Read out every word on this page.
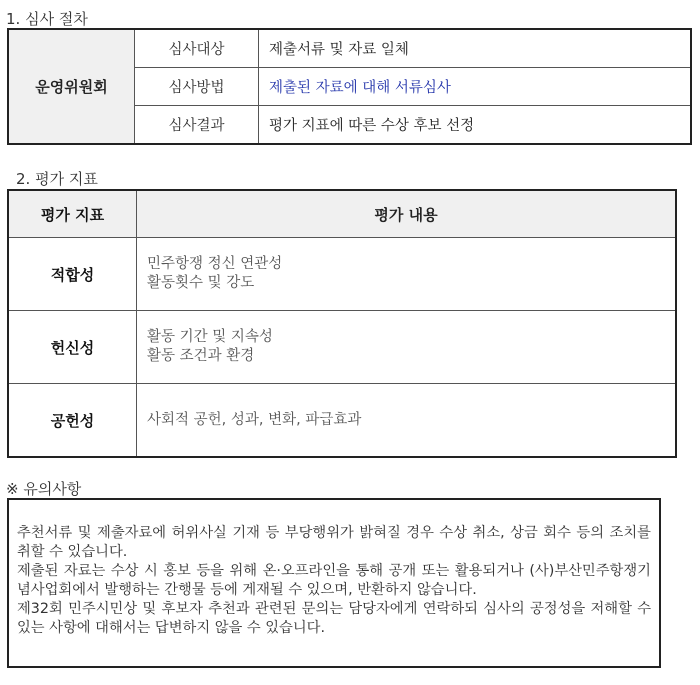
1. 심사 절차
운영위원회	심사대상	제출서류 및 자료 일체
	심사방법	제출된 자료에 대해 서류심사
	심사결과	평가 지표에 따른 수상 후보 선정
2. 평가 지표
평가 지표	평가 내용
적합성	민주항쟁 정신 연관성
활동횟수 및 강도

헌신성	활동 기간 및 지속성
활동 조건과 환경

공헌성	사회적 공헌, 성과, 변화, 파급효과
※ 유의사항

추천서류 및 제출자료에 허위사실 기재 등 부당행위가 밝혀질 경우 수상 취소, 상금 회수 등의 조치를 취할 수 있습니다.

제출된 자료는 수상 시 홍보 등을 위해 온·오프라인을 통해 공개 또는 활용되거나 (사)부산민주항쟁기념사업회에서 발행하는 간행물 등에 게재될 수 있으며, 반환하지 않습니다.

제32회 민주시민상 및 후보자 추천과 관련된 문의는 담당자에게 연락하되 심사의 공정성을 저해할 수 있는 사항에 대해서는 답변하지 않을 수 있습니다.
